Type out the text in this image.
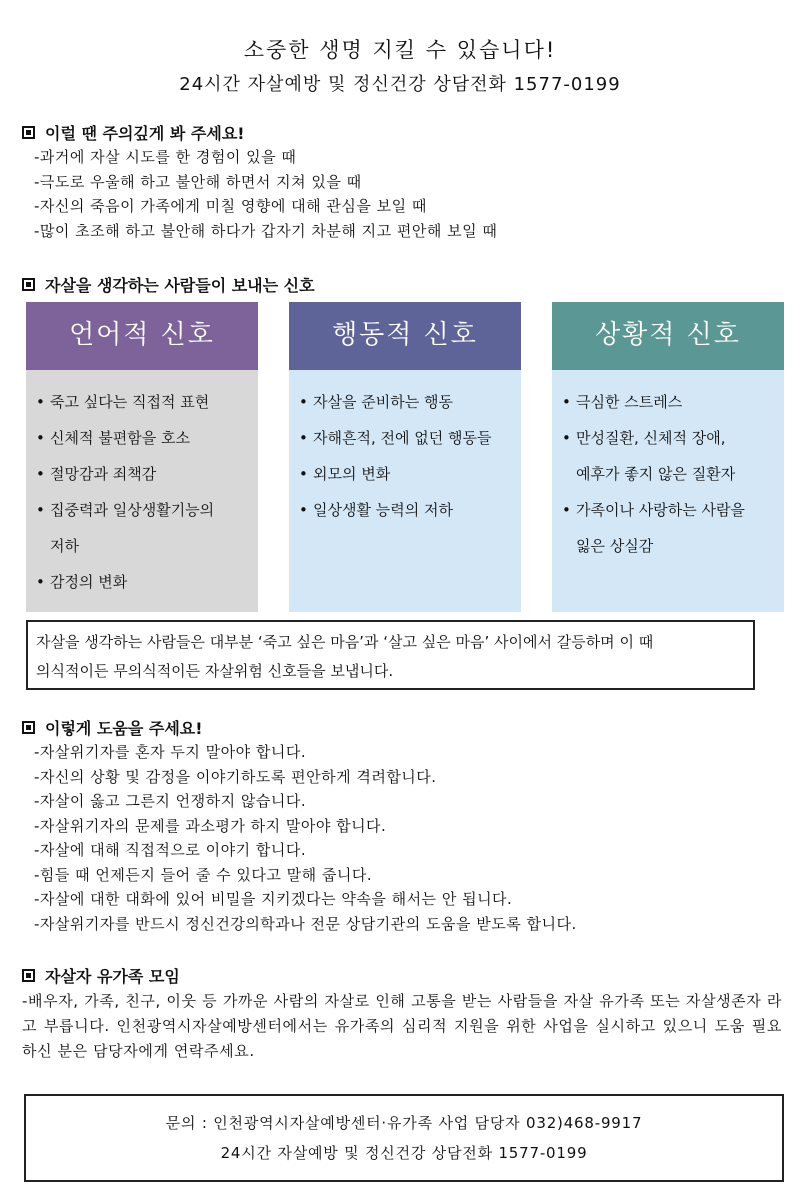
소중한 생명 지킬 수 있습니다!
24시간 자살예방 및 정신건강 상담전화 1577-0199
이럴 땐 주의깊게 봐 주세요!
-과거에 자살 시도를 한 경험이 있을 때
-극도로 우울해 하고 불안해 하면서 지쳐 있을 때
-자신의 죽음이 가족에게 미칠 영향에 대해 관심을 보일 때
-많이 초조해 하고 불안해 하다가 갑자기 차분해 지고 편안해 보일 때
자살을 생각하는 사람들이 보내는 신호
언어적 신호
• 죽고 싶다는 직접적 표현
• 신체적 불편함을 호소
• 절망감과 죄책감
• 집중력과 일상생활기능의
저하
• 감정의 변화
행동적 신호
• 자살을 준비하는 행동
• 자해흔적, 전에 없던 행동들
• 외모의 변화
• 일상생활 능력의 저하
상황적 신호
• 극심한 스트레스
• 만성질환, 신체적 장애,
예후가 좋지 않은 질환자
• 가족이나 사랑하는 사람을
잃은 상실감
자살을 생각하는 사람들은 대부분 ‘죽고 싶은 마음’과 ‘살고 싶은 마음’ 사이에서 갈등하며 이 때
의식적이든 무의식적이든 자살위험 신호들을 보냅니다.
이렇게 도움을 주세요!
-자살위기자를 혼자 두지 말아야 합니다.
-자신의 상황 및 감정을 이야기하도록 편안하게 격려합니다.
-자살이 옳고 그른지 언쟁하지 않습니다.
-자살위기자의 문제를 과소평가 하지 말아야 합니다.
-자살에 대해 직접적으로 이야기 합니다.
-힘들 때 언제든지 들어 줄 수 있다고 말해 줍니다.
-자살에 대한 대화에 있어 비밀을 지키겠다는 약속을 해서는 안 됩니다.
-자살위기자를 반드시 정신건강의학과나 전문 상담기관의 도움을 받도록 합니다.
자살자 유가족 모임
-배우자, 가족, 친구, 이웃 등 가까운 사람의 자살로 인해 고통을 받는 사람들을 자살 유가족 또는 자살생존자 라고 부릅니다. 인천광역시자살예방센터에서는 유가족의 심리적 지원을 위한 사업을 실시하고 있으니 도움 필요 하신 분은 담당자에게 연락주세요.
문의 : 인천광역시자살예방센터·유가족 사업 담당자 032)468-9917
24시간 자살예방 및 정신건강 상담전화 1577-0199
